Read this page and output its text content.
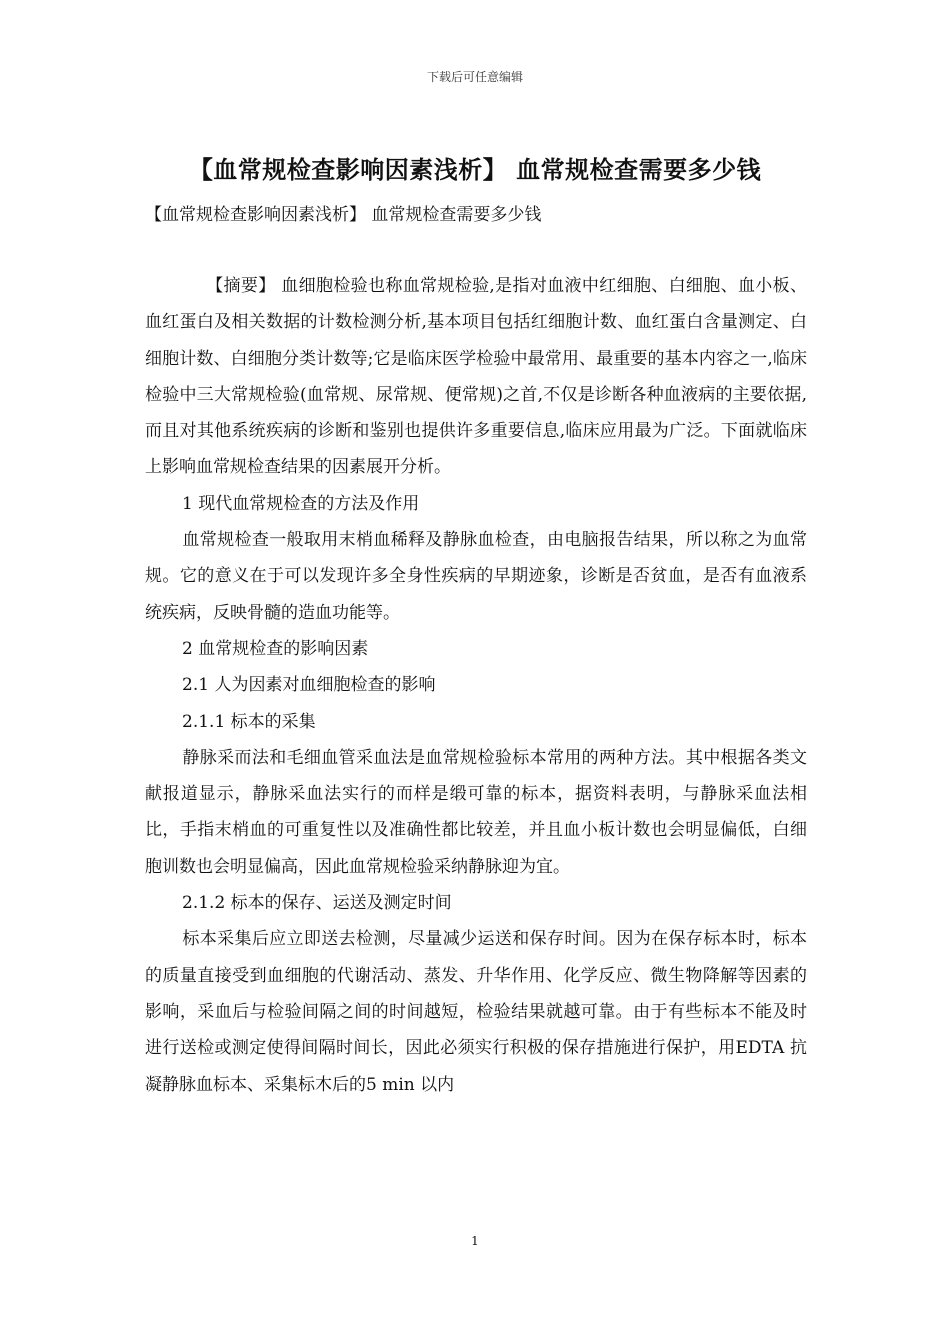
下载后可任意编辑
【血常规检查影响因素浅析】 血常规检查需要多少钱
【血常规检查影响因素浅析】 血常规检查需要多少钱

【摘要】 血细胞检验也称血常规检验,是指对血液中红细胞、白细胞、血小板、血红蛋白及相关数据的计数检测分析,基本项目包括红细胞计数、血红蛋白含量测定、白细胞计数、白细胞分类计数等;它是临床医学检验中最常用、最重要的基本内容之一,临床检验中三大常规检验(血常规、尿常规、便常规)之首,不仅是诊断各种血液病的主要依据,而且对其他系统疾病的诊断和鉴别也提供许多重要信息,临床应用最为广泛。下面就临床上影响血常规检查结果的因素展开分析。

1 现代血常规检查的方法及作用

血常规检查一般取用末梢血稀释及静脉血检查，由电脑报告结果，所以称之为血常规。它的意义在于可以发现许多全身性疾病的早期迹象，诊断是否贫血，是否有血液系统疾病，反映骨髓的造血功能等。

2 血常规检查的影响因素

2.1 人为因素对血细胞检查的影响

2.1.1 标本的采集

静脉采而法和毛细血管采血法是血常规检验标本常用的两种方法。其中根据各类文献报道显示，静脉采血法实行的而样是缎可靠的标本，据资料表明，与静脉采血法相比，手指末梢血的可重复性以及准确性都比较差，并且血小板计数也会明显偏低，白细胞训数也会明显偏高，因此血常规检验采纳静脉迎为宜。

2.1.2 标本的保存、运送及测定时间

标本采集后应立即送去检测，尽量减少运送和保存时间。因为在保存标本时，标本的质量直接受到血细胞的代谢活动、蒸发、升华作用、化学反应、微生物降解等因素的影响，采血后与检验间隔之间的时间越短，检验结果就越可靠。由于有些标本不能及时进行送检或测定使得间隔时间长，因此必须实行积极的保存措施进行保护，用EDTA 抗凝静脉血标本、采集标木后的5 min 以内

1
